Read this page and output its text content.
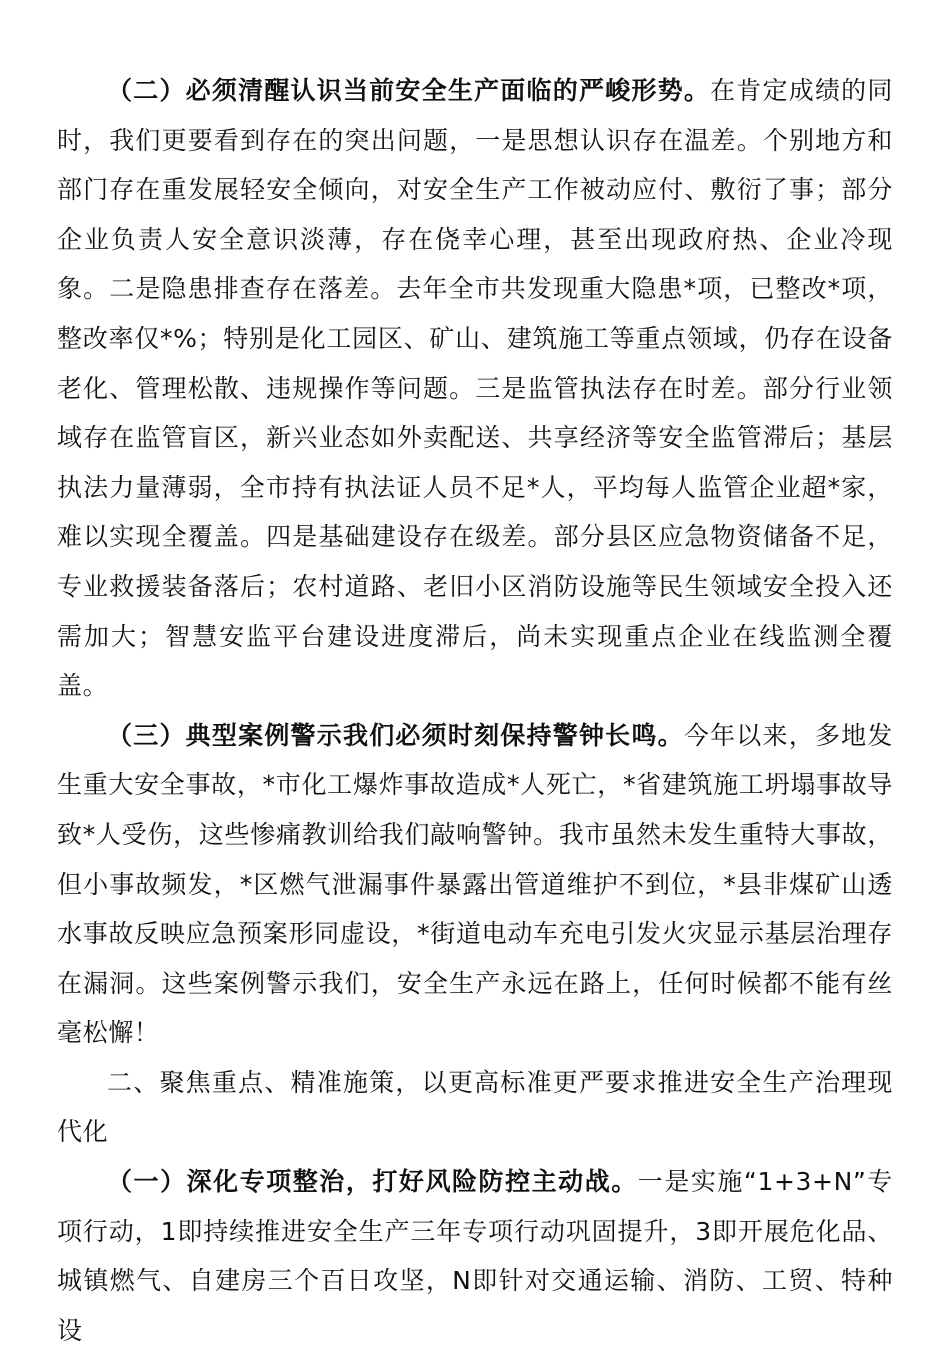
（二）必须清醒认识当前安全生产面临的严峻形势。在肯定成绩的同时，我们更要看到存在的突出问题，一是思想认识存在温差。个别地方和部门存在重发展轻安全倾向，对安全生产工作被动应付、敷衍了事；部分企业负责人安全意识淡薄，存在侥幸心理，甚至出现政府热、企业冷现象。二是隐患排查存在落差。去年全市共发现重大隐患*项，已整改*项，整改率仅*%；特别是化工园区、矿山、建筑施工等重点领域，仍存在设备老化、管理松散、违规操作等问题。三是监管执法存在时差。部分行业领域存在监管盲区，新兴业态如外卖配送、共享经济等安全监管滞后；基层执法力量薄弱，全市持有执法证人员不足*人，平均每人监管企业超*家，难以实现全覆盖。四是基础建设存在级差。部分县区应急物资储备不足，专业救援装备落后；农村道路、老旧小区消防设施等民生领域安全投入还需加大；智慧安监平台建设进度滞后，尚未实现重点企业在线监测全覆盖。

（三）典型案例警示我们必须时刻保持警钟长鸣。今年以来，多地发生重大安全事故，*市化工爆炸事故造成*人死亡，*省建筑施工坍塌事故导致*人受伤，这些惨痛教训给我们敲响警钟。我市虽然未发生重特大事故，但小事故频发，*区燃气泄漏事件暴露出管道维护不到位，*县非煤矿山透水事故反映应急预案形同虚设，*街道电动车充电引发火灾显示基层治理存在漏洞。这些案例警示我们，安全生产永远在路上，任何时候都不能有丝毫松懈！

二、聚焦重点、精准施策，以更高标准更严要求推进安全生产治理现代化

（一）深化专项整治，打好风险防控主动战。一是实施“1+3+N”专项行动，1即持续推进安全生产三年专项行动巩固提升，3即开展危化品、城镇燃气、自建房三个百日攻坚，N即针对交通运输、消防、工贸、特种设
